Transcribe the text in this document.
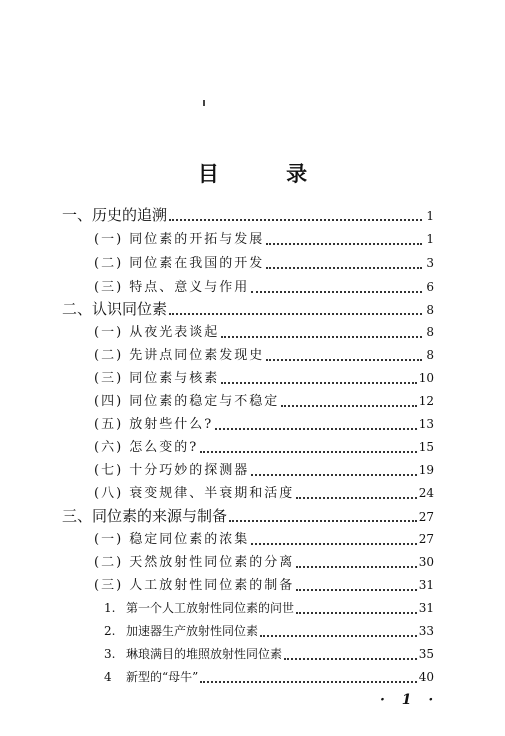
目 录
一、历史的追溯	1
(一) 同位素的开拓与发展	1
(二) 同位素在我国的开发	3
(三) 特点、意义与作用	6
二、认识同位素	8
(一) 从夜光表谈起	8
(二) 先讲点同位素发现史	8
(三) 同位素与核素	10
(四) 同位素的稳定与不稳定	12
(五) 放射些什么?	13
(六) 怎么变的?	15
(七) 十分巧妙的探测器	19
(八) 衰变规律、半衰期和活度	24
三、同位素的来源与制备	27
(一) 稳定同位素的浓集	27
(二) 天然放射性同位素的分离	30
(三) 人工放射性同位素的制备	31
1. 第一个人工放射性同位素的问世	31
2. 加速器生产放射性同位素	33
3. 琳琅满目的堆照放射性同位素	35
4 新型的“母牛”	40
· 1 ·
